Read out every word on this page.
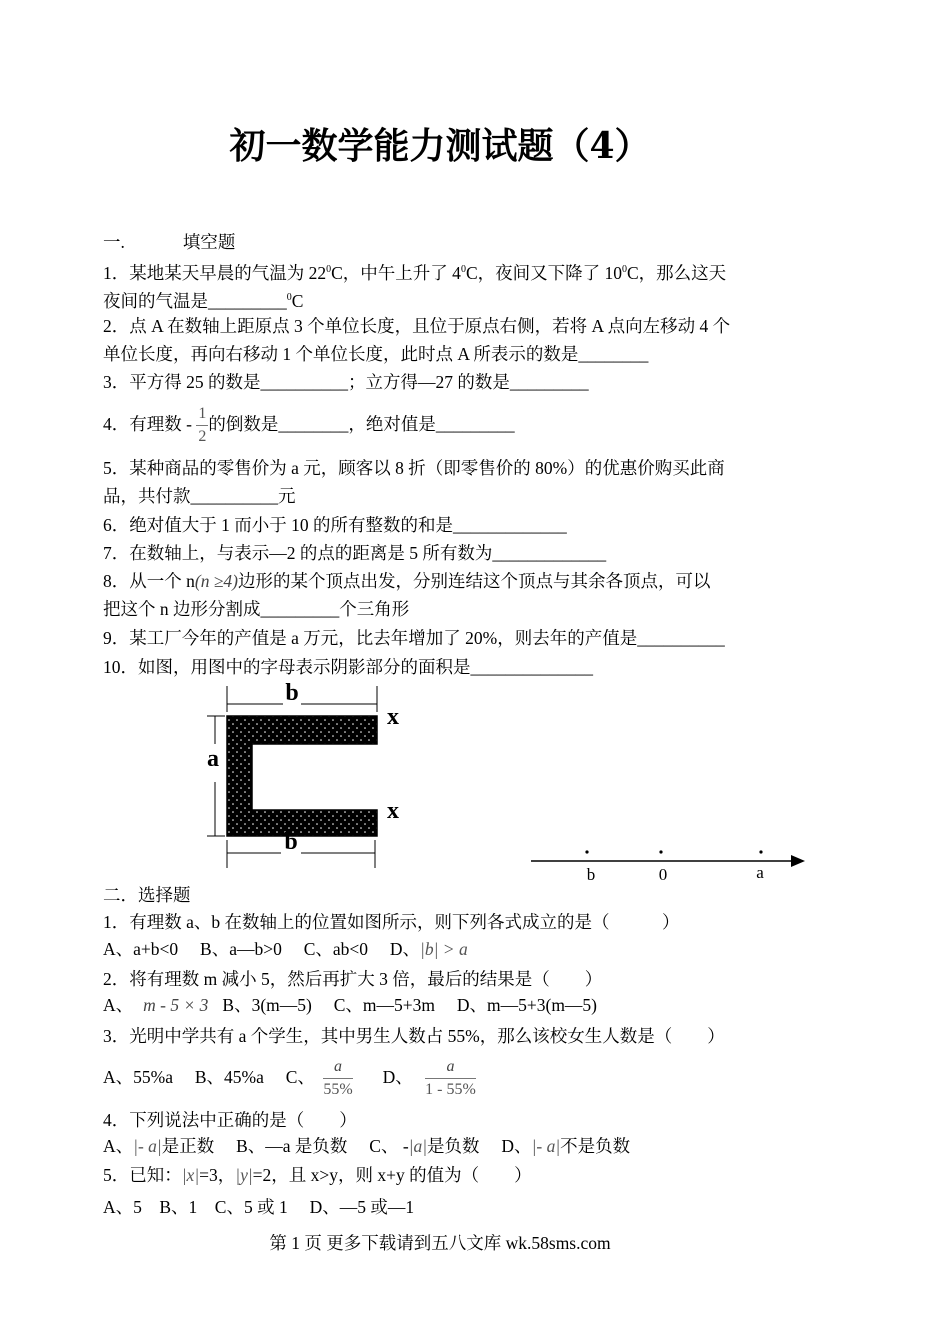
初一数学能力测试题（4）
一.	填空题
1．某地某天早晨的气温为 $22^0C$，中午上升了 $4^0C$，夜间又下降了 $10^0C$，那么这天
夜间的气温是_________$^0$C
2．点 A 在数轴上距原点 3 个单位长度，且位于原点右侧，若将 A 点向左移动 4 个
单位长度，再向右移动 1 个单位长度，此时点 A 所表示的数是________
3．平方得 25 的数是__________；立方得—27 的数是_________
4．有理数 - $\frac{1}{2}$ 的倒数是________，绝对值是_________
5．某种商品的零售价为 a 元，顾客以 8 折（即零售价的 80%）的优惠价购买此商
品，共付款__________元
6．绝对值大于 1 而小于 10 的所有整数的和是_____________
7．在数轴上，与表示—2 的点的距离是 5 所有数为_____________
8．从一个 n(n ≥4)边形的某个顶点出发，分别连结这个顶点与其余各顶点，可以
把这个 n 边形分割成_________个三角形
9．某工厂今年的产值是 a 万元，比去年增加了 20%，则去年的产值是__________
10．如图，用图中的字母表示阴影部分的面积是______________
b
b
a
x
x
b	0	a
二．选择题
1．有理数 a、b 在数轴上的位置如图所示，则下列各式成立的是（　　　）
A、a+b<0　 B、a—b>0　 C、ab<0　 D、|b| > a
2．将有理数 m 减小 5，然后再扩大 3 倍，最后的结果是（　　）
A、 m - 5 × 3 B、3(m—5)　 C、m—5+3m　 D、m—5+3(m—5)
3．光明中学共有 a 个学生，其中男生人数占 55%，那么该校女生人数是（　　）
A、55%a　 B、45%a　 C、 $\frac{a}{55\%}$ D、 $\frac{a}{1 - 55\%}$
4．下列说法中正确的是（　　）
A、|- a|是正数　 B、—a 是负数　 C、 -|a|是负数　 D、|- a|不是负数
5．已知：|x|=3，|y|=2，且 x>y，则 x+y 的值为（　　）
A、5　B、1　C、5 或 1　 D、—5 或—1
第 1 页 更多下载请到五八文库 wk.58sms.com
